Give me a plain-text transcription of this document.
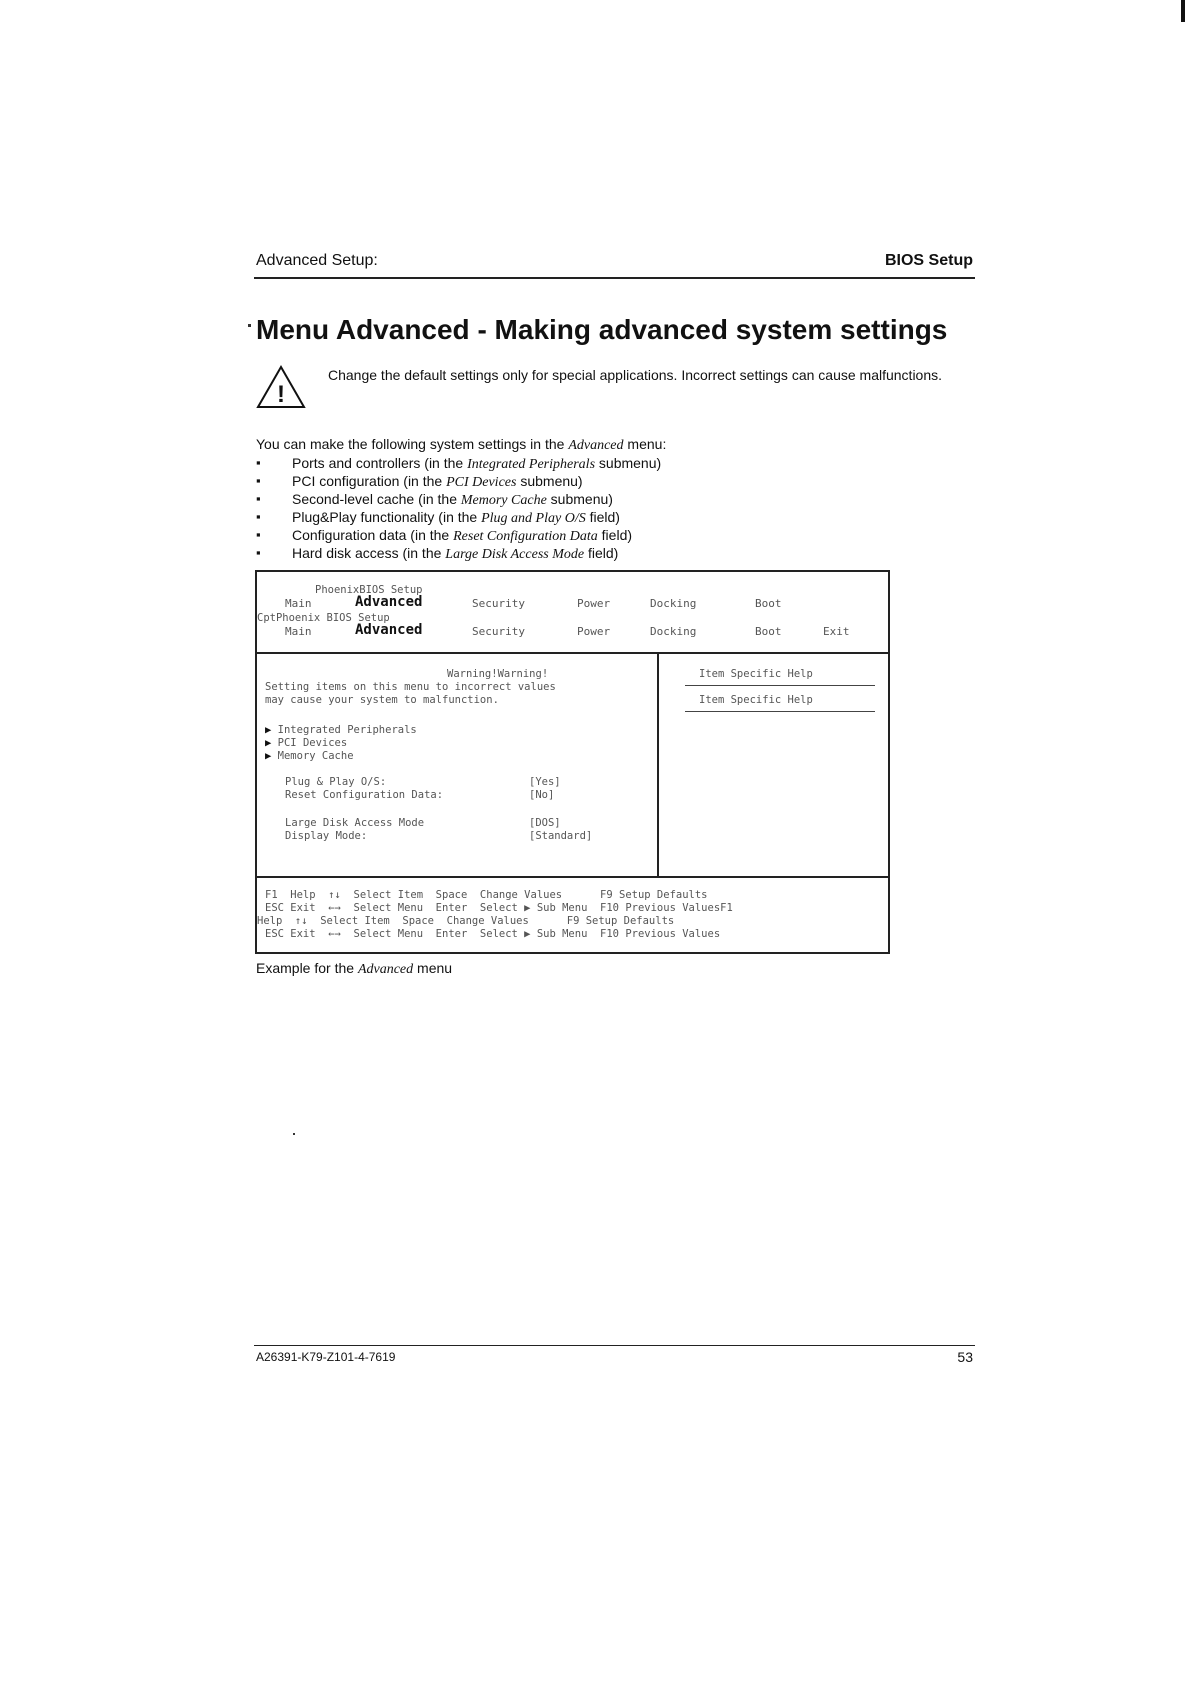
Advanced Setup:	BIOS Setup
Menu Advanced - Making advanced system settings
!
Change the default settings only for special applications. Incorrect settings can cause malfunctions.
You can make the following system settings in the Advanced menu:
▪ Ports and controllers (in the Integrated Peripherals submenu)
▪ PCI configuration (in the PCI Devices submenu)
▪ Second-level cache (in the Memory Cache submenu)
▪ Plug&Play functionality (in the Plug and Play O/S field)
▪ Configuration data (in the Reset Configuration Data field)
▪ Hard disk access (in the Large Disk Access Mode field)
PhoenixBIOS Setup
Main	Advanced	Security	Power	Docking	Boot
CptPhoenix BIOS Setup
Main	Advanced	Security	Power	Docking	Boot	Exit
Warning!Warning!
Setting items on this menu to incorrect values
may cause your system to malfunction.
Item Specific Help
Item Specific Help
▶ Integrated Peripherals
▶ PCI Devices
▶ Memory Cache
Plug & Play O/S:	[Yes]
Reset Configuration Data:	[No]
Large Disk Access Mode	[DOS]
Display Mode:	[Standard]
F1  Help  ↑↓  Select Item  Space  Change Values      F9 Setup Defaults
ESC Exit  ←→  Select Menu  Enter  Select ▶ Sub Menu  F10 Previous ValuesF1
Help  ↑↓  Select Item  Space  Change Values      F9 Setup Defaults
ESC Exit  ←→  Select Menu  Enter  Select ▶ Sub Menu  F10 Previous Values
Example for the Advanced menu
A26391-K79-Z101-4-7619	53
